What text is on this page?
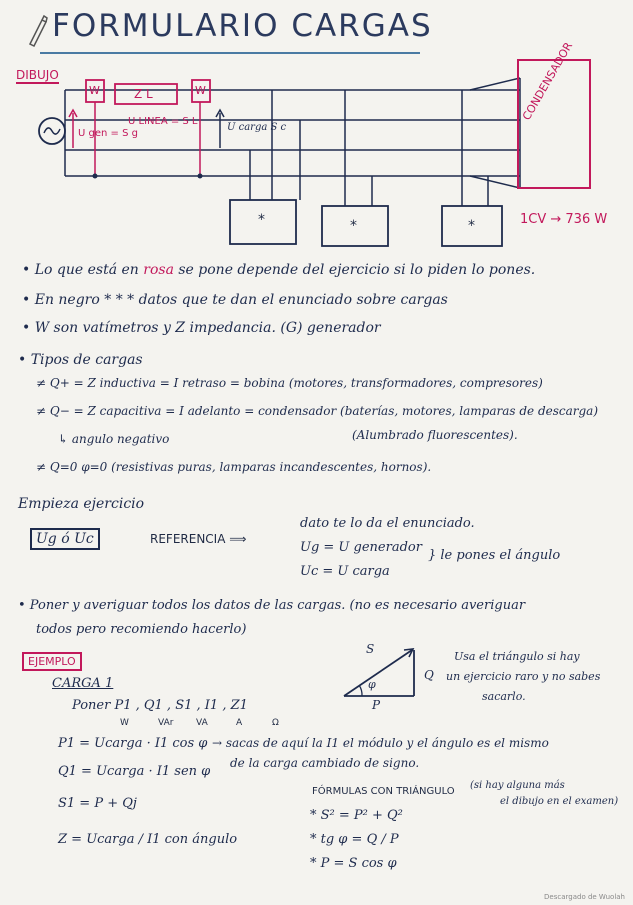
FORMULARIO CARGAS
DIBUJO
W	Z L	W
U gen = S g
U LINEA = S L
U carga S c
CONDENSADOR
*	*	*	1CV → 736 W
• Lo que está en rosa se pone depende del ejercicio si lo piden lo pones.
• En negro * * * datos que te dan el enunciado sobre cargas
• W son vatímetros y Z impedancia. (G) generador
• Tipos de cargas
≠ Q+ = Z inductiva = I retraso = bobina (motores, transformadores, compresores)
≠ Q− = Z capacitiva = I adelanto = condensador (baterías, motores, lamparas de descarga)
↳ angulo negativo	(Alumbrado fluorescentes).
≠ Q=0 φ=0 (resistivas puras, lamparas incandescentes, hornos).
Empieza ejercicio
Ug ó Uc	REFERENCIA ⟹
dato te lo da el enunciado.
Ug = U generador
Uc = U carga
} le pones el ángulo
• Poner y averiguar todos los datos de las cargas. (no es necesario averiguar
todos pero recomiendo hacerlo)
EJEMPLO
CARGA 1
Poner P1 , Q1 , S1 , I1 , Z1
W	VAr	VA	A	Ω
S
Q
P
φ
Usa el triángulo si hay
un ejercicio raro y no sabes
sacarlo.
P1 = Ucarga · I1 cos φ → sacas de aquí la I1 el módulo y el ángulo es el mismo
de la carga cambiado de signo.
Q1 = Ucarga · I1 sen φ
S1 = P + Qj
Z = Ucarga / I1 con ángulo
FÓRMULAS CON TRIÁNGULO
(si hay alguna más
el dibujo en el examen)
* S² = P² + Q²
* tg φ = Q / P
* P = S cos φ
Descargado de Wuolah
